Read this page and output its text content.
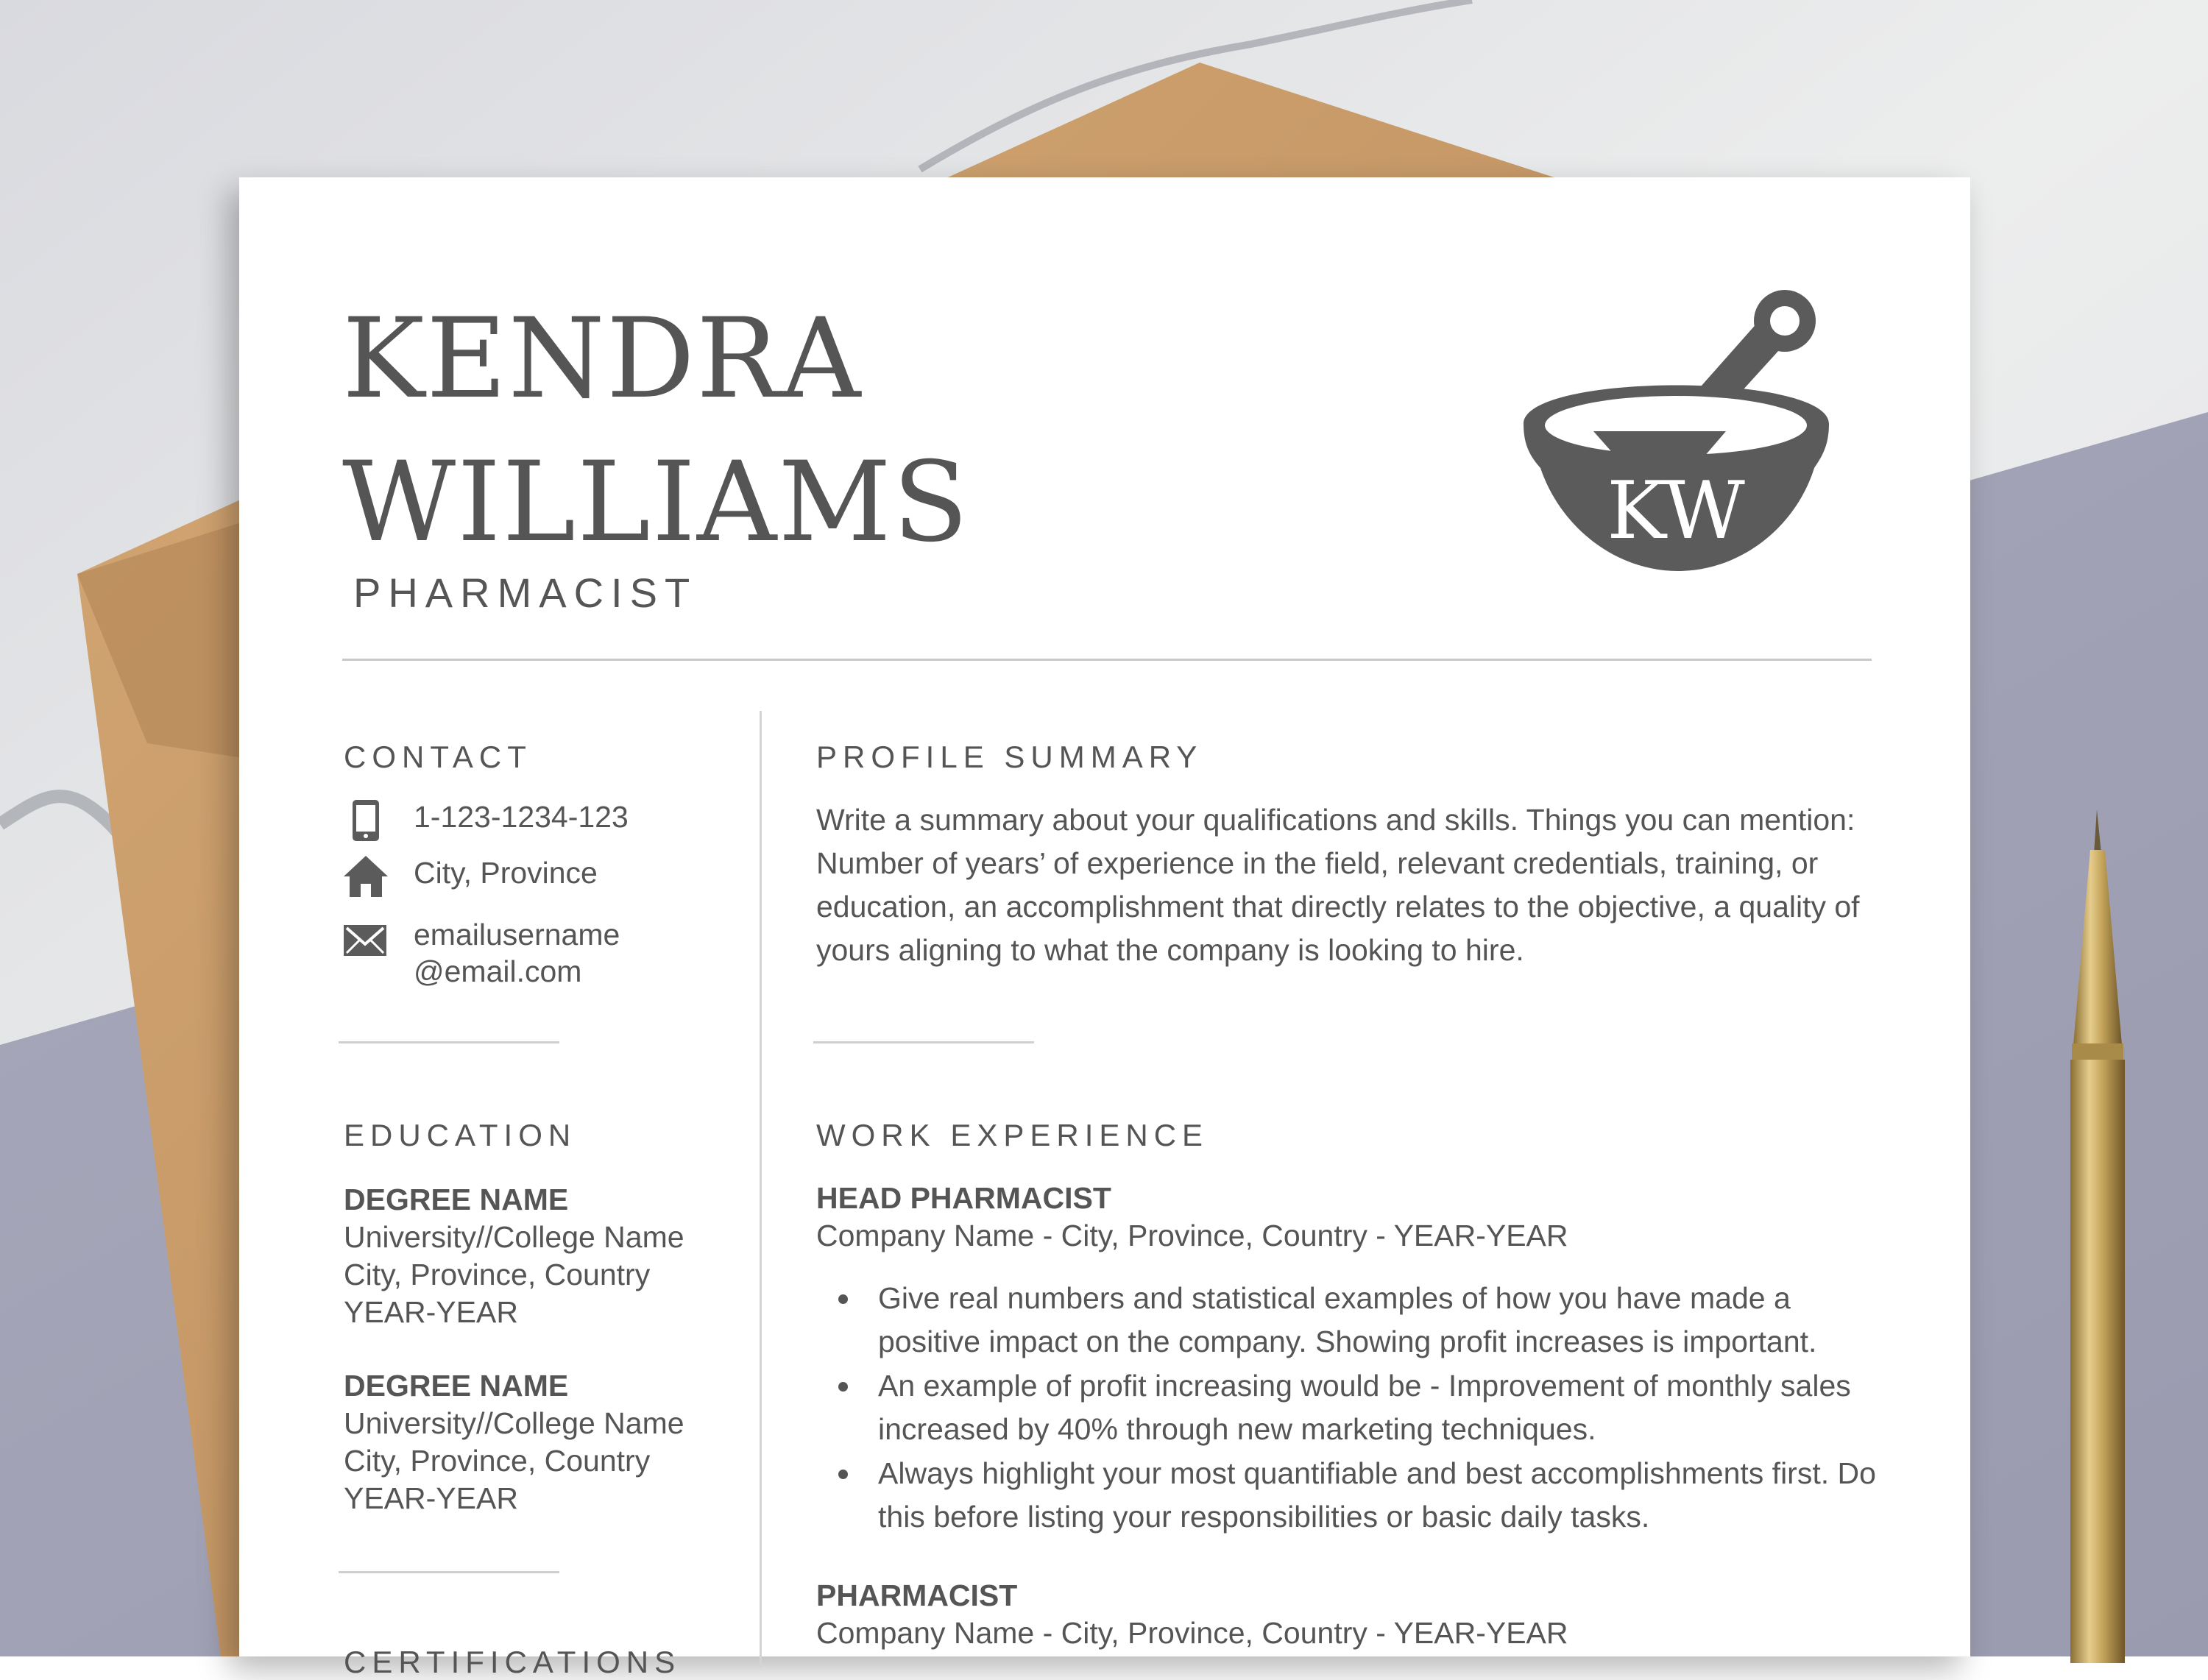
KENDRA
WILLIAMS
PHARMACIST
KW
CONTACT
1-123-1234-123
City, Province
emailusername
@email.com
EDUCATION
DEGREE NAME
University//College Name
City, Province, Country
YEAR-YEAR
DEGREE NAME
University//College Name
City, Province, Country
YEAR-YEAR
CERTIFICATIONS
PROFILE SUMMARY

Write a summary about your qualifications and skills. Things you can mention: Number of years’ of experience in the field, relevant credentials, training, or education, an accomplishment that directly relates to the objective, a quality of yours aligning to what the company is looking to hire.

WORK EXPERIENCE
HEAD PHARMACIST
Company Name - City, Province, Country - YEAR-YEAR
Give real numbers and statistical examples of how you have made a positive impact on the company. Showing profit increases is important.
An example of profit increasing would be - Improvement of monthly sales increased by 40% through new marketing techniques.
Always highlight your most quantifiable and best accomplishments first. Do this before listing your responsibilities or basic daily tasks.
PHARMACIST
Company Name - City, Province, Country - YEAR-YEAR
